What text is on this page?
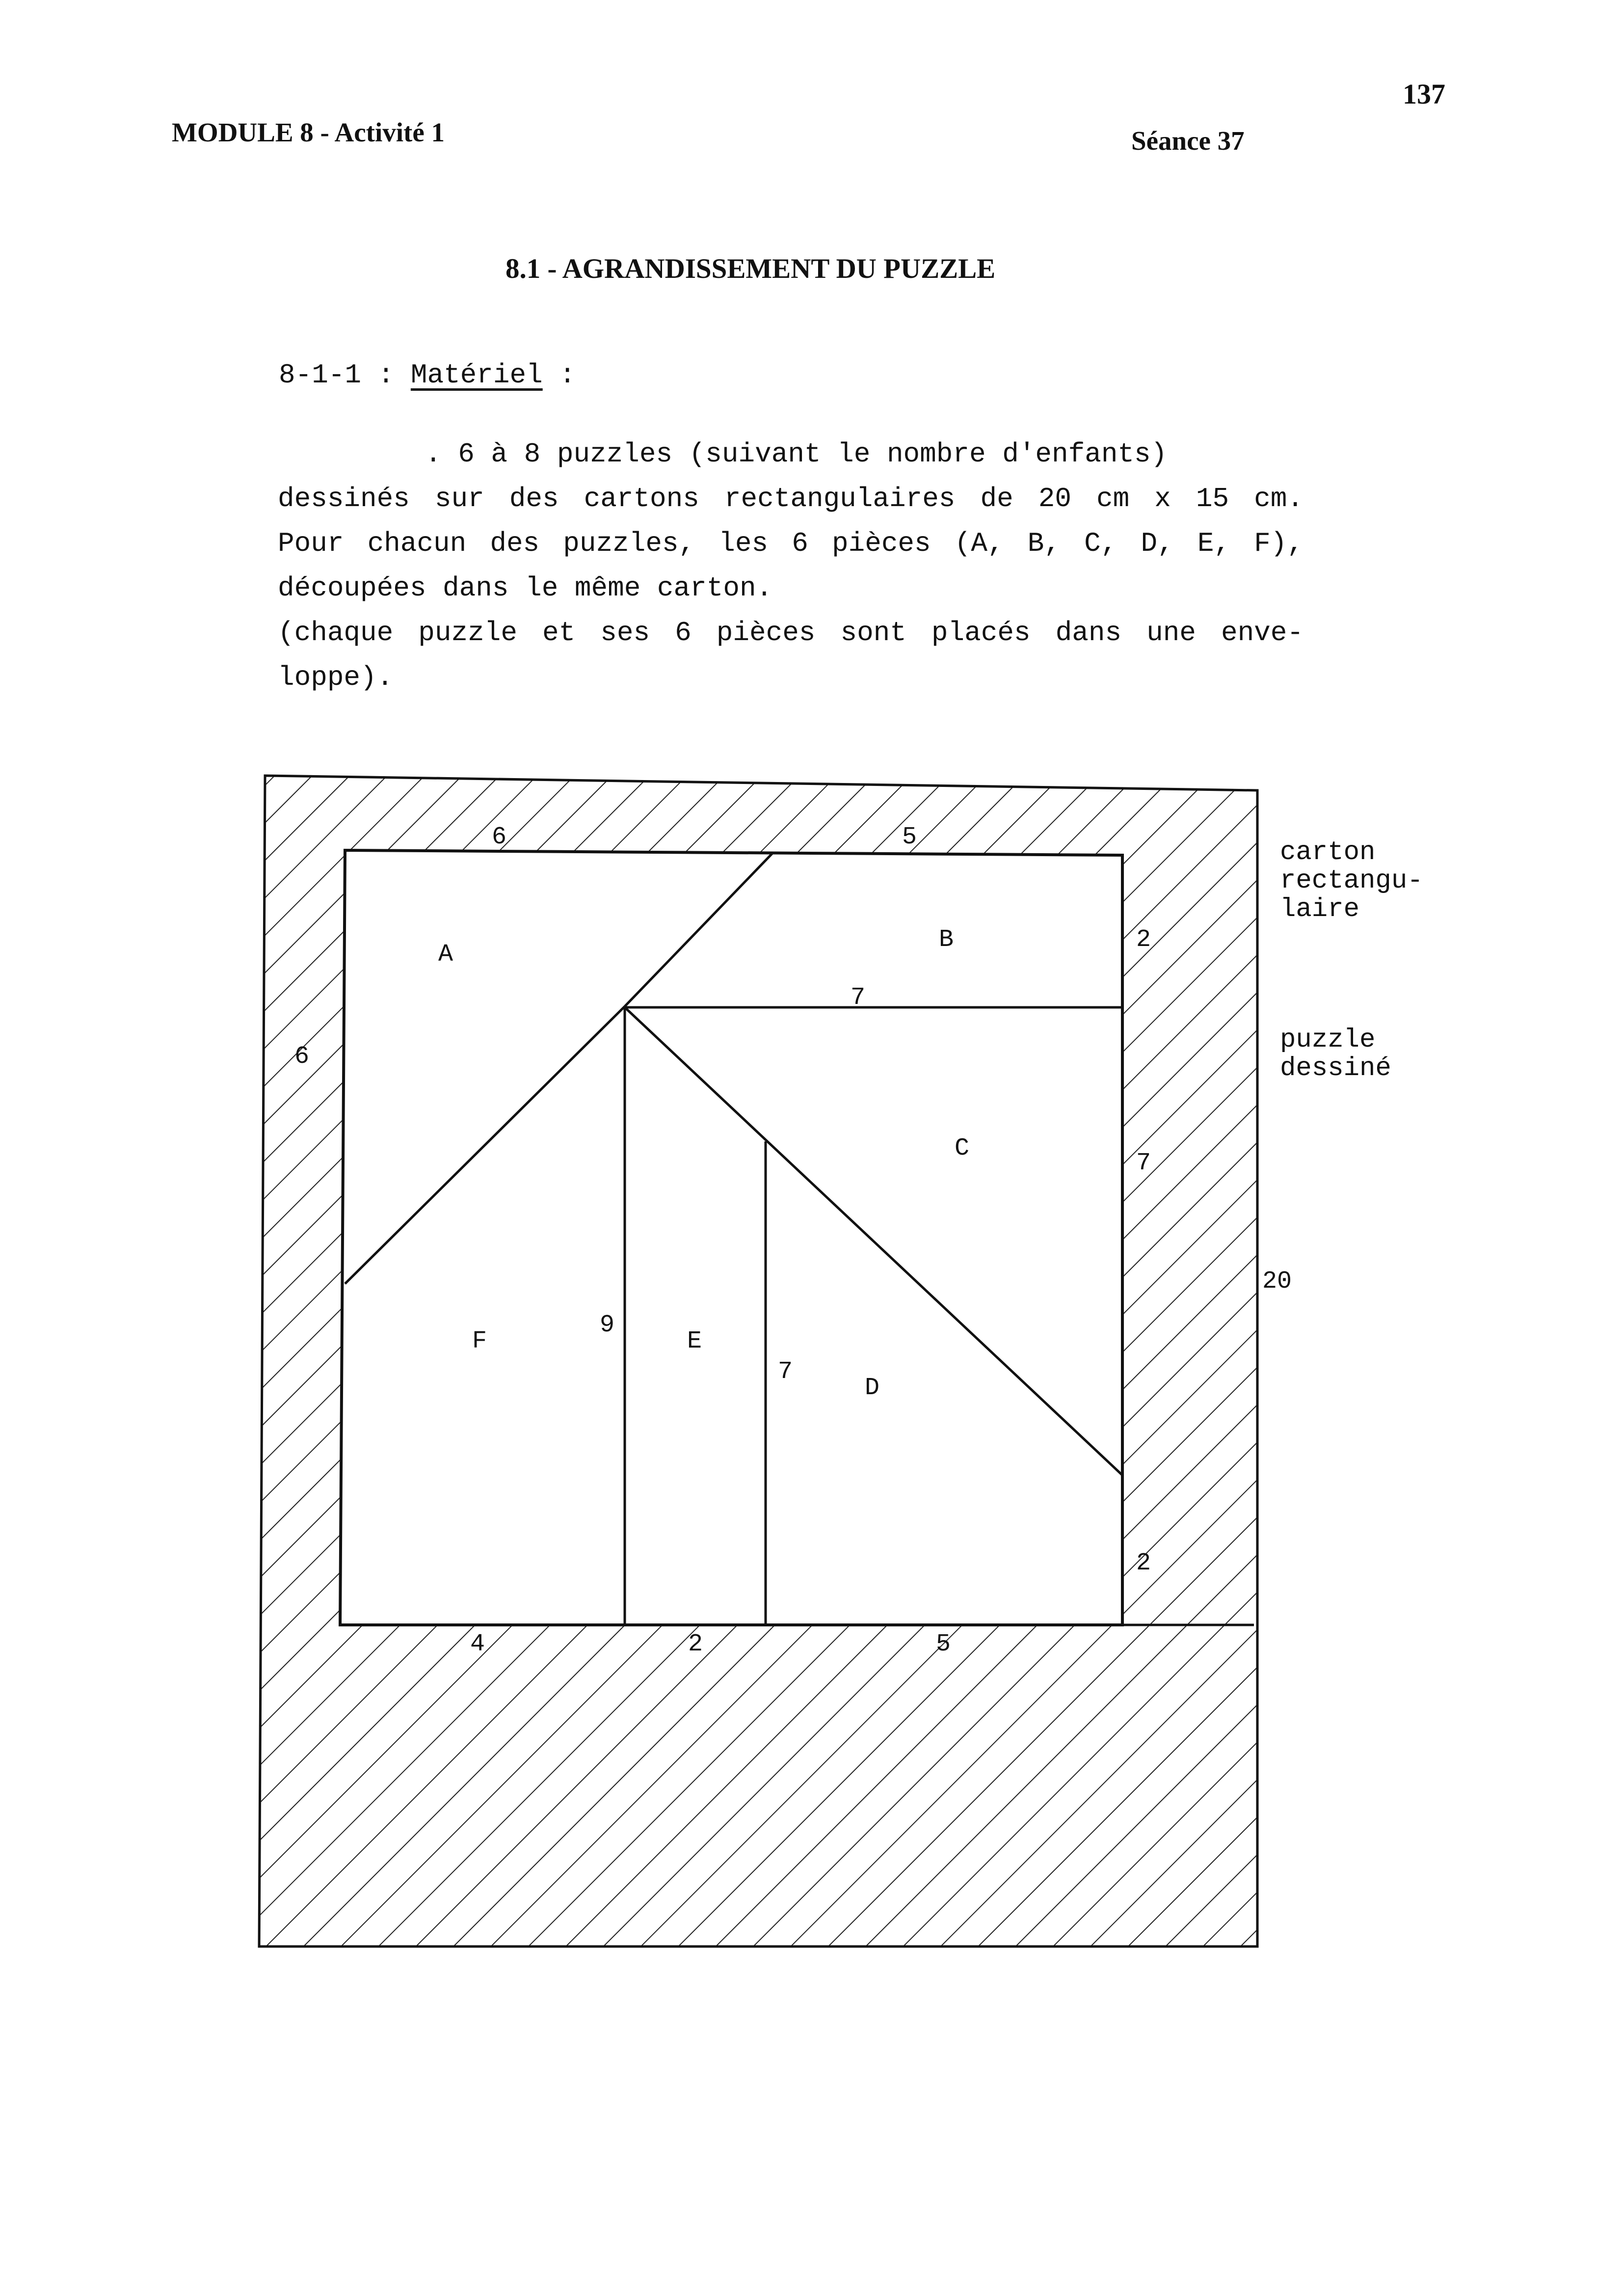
137
MODULE 8 - Activité 1	Séance 37
8.1 - AGRANDISSEMENT DU PUZZLE
8-1-1 : Matériel :
. 6 à 8 puzzles (suivant le nombre d'enfants)
dessinés sur des cartons rectangulaires de 20 cm x 15 cm.
Pour chacun des puzzles, les 6 pièces (A, B, C, D, E, F),
découpées dans le même carton.
(chaque puzzle et ses 6 pièces sont placés dans une enve-
loppe).
A
B
C
D
E
F
6	5
6
2
7
2
7
9
7
4	2	5
20
carton
rectangu-
laire
puzzle
dessiné
